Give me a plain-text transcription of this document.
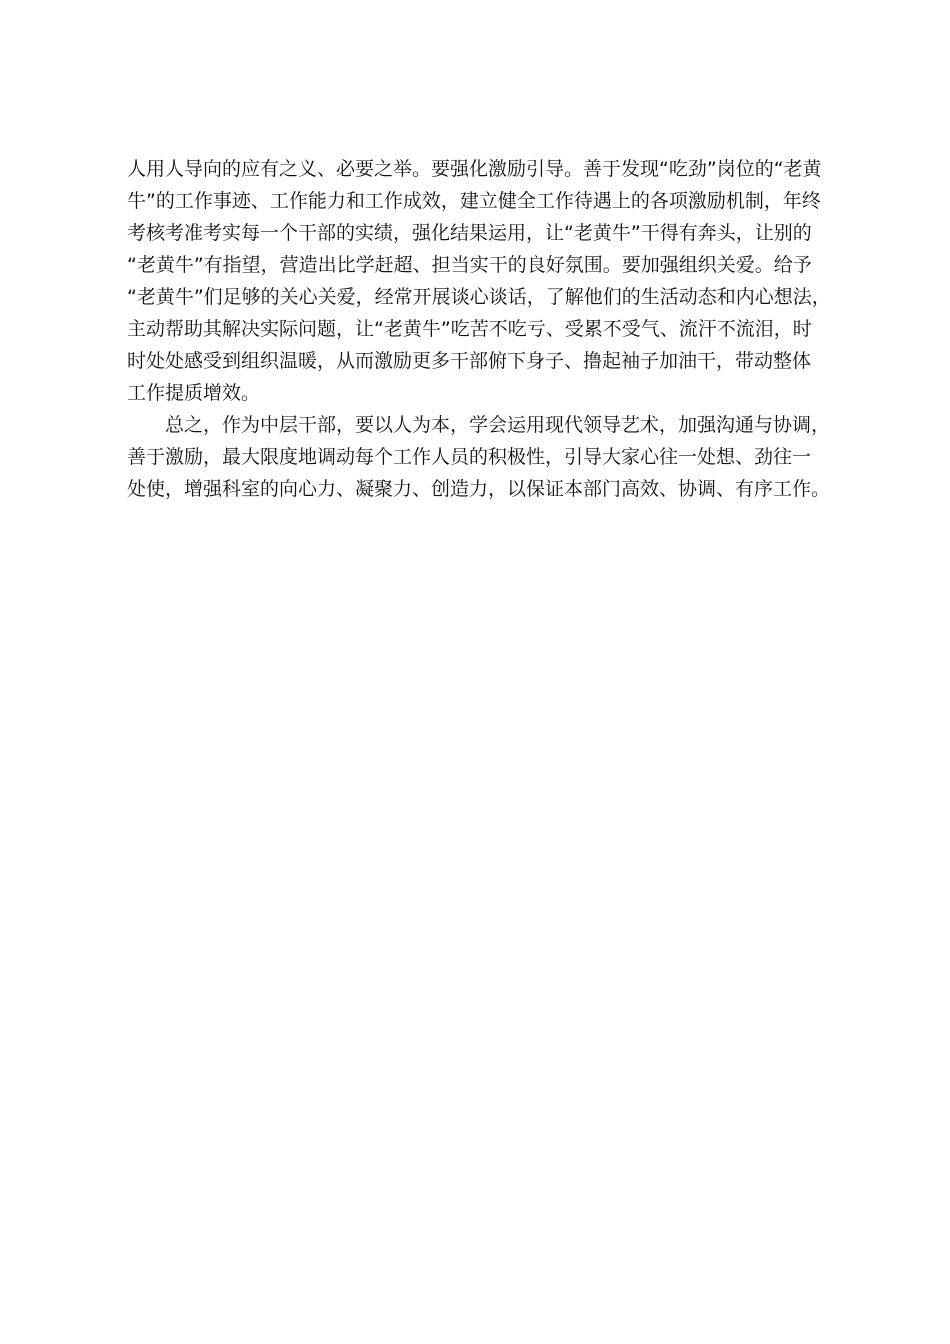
人用人导向的应有之义、必要之举。要强化激励引导。善于发现“吃劲”岗位的“老黄
牛”的工作事迹、工作能力和工作成效，建立健全工作待遇上的各项激励机制，年终
考核考准考实每一个干部的实绩，强化结果运用，让“老黄牛”干得有奔头，让别的
“老黄牛”有指望，营造出比学赶超、担当实干的良好氛围。要加强组织关爱。给予
“老黄牛”们足够的关心关爱，经常开展谈心谈话，了解他们的生活动态和内心想法，
主动帮助其解决实际问题，让“老黄牛”吃苦不吃亏、受累不受气、流汗不流泪，时
时处处感受到组织温暖，从而激励更多干部俯下身子、撸起袖子加油干，带动整体
工作提质增效。
总之，作为中层干部，要以人为本，学会运用现代领导艺术，加强沟通与协调，
善于激励，最大限度地调动每个工作人员的积极性，引导大家心往一处想、劲往一
处使，增强科室的向心力、凝聚力、创造力，以保证本部门高效、协调、有序工作。
